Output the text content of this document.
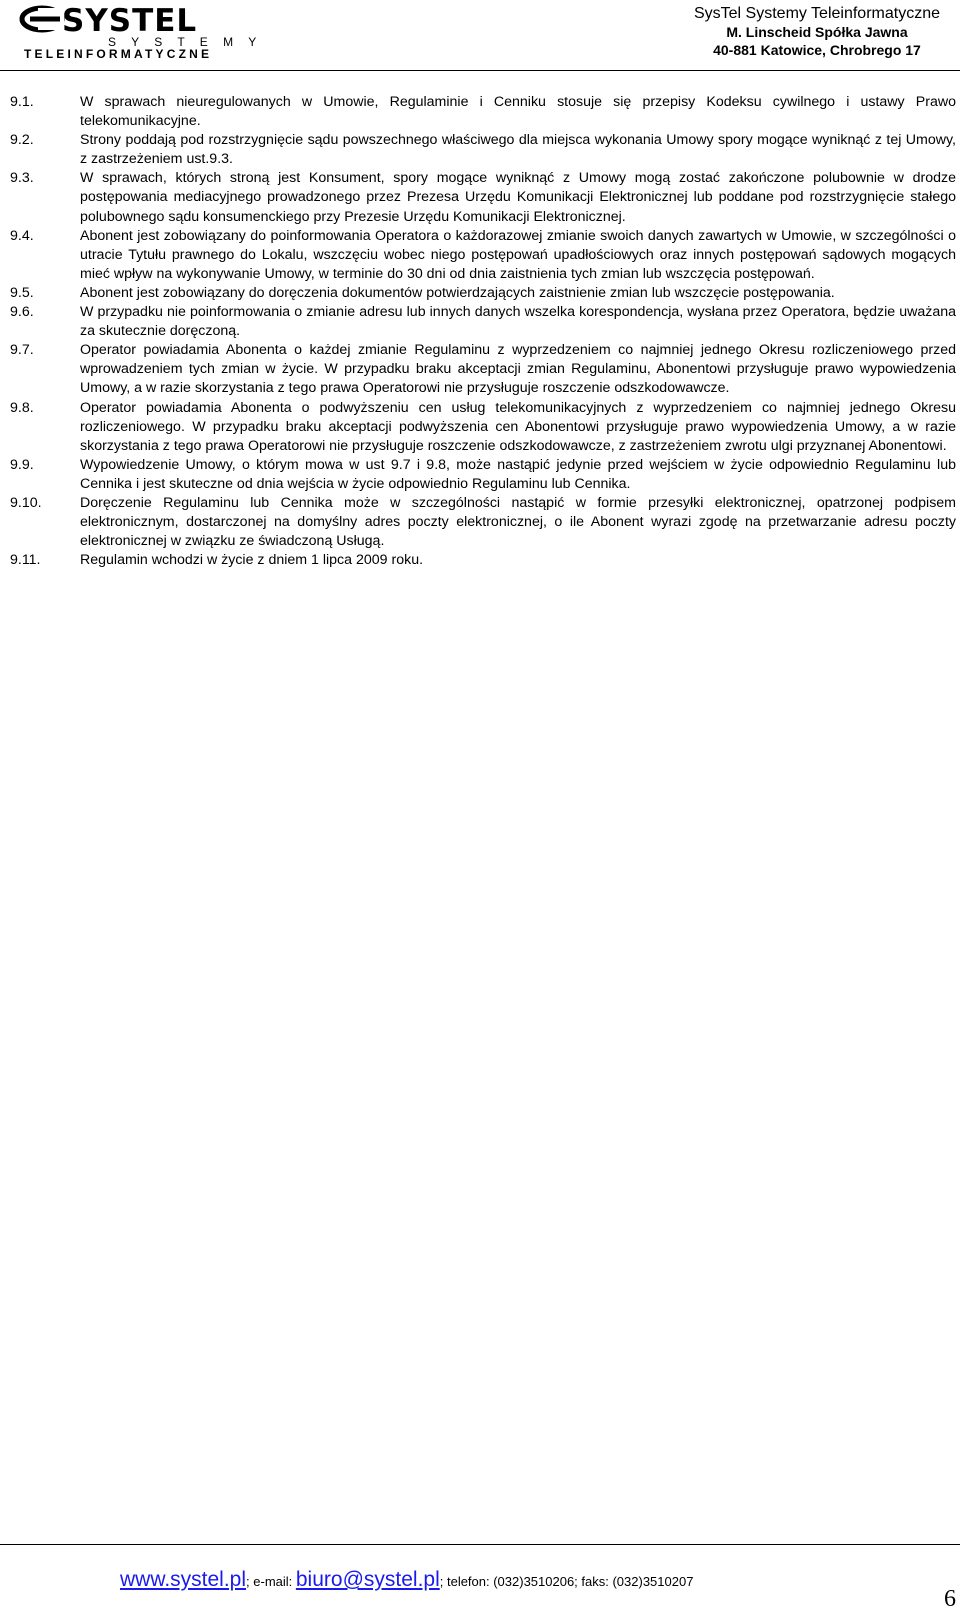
SYSTEL
S Y S T E M Y
TELEINFORMATYCZNE
SysTel Systemy Teleinformatyczne
M. Linscheid Spółka Jawna
40-881 Katowice, Chrobrego 17
9.1.	W sprawach nieuregulowanych w Umowie, Regulaminie i Cenniku stosuje się przepisy Kodeksu cywilnego i ustawy Prawo telekomunikacyjne.
9.2.	Strony poddają pod rozstrzygnięcie sądu powszechnego właściwego dla miejsca wykonania Umowy spory mogące wyniknąć z tej Umowy, z zastrzeżeniem ust.9.3.
9.3.	W sprawach, których stroną jest Konsument, spory mogące wyniknąć z Umowy mogą zostać zakończone polubownie w drodze postępowania mediacyjnego prowadzonego przez Prezesa Urzędu Komunikacji Elektronicznej lub poddane pod rozstrzygnięcie stałego polubownego sądu konsumenckiego przy Prezesie Urzędu Komunikacji Elektronicznej.
9.4.	Abonent jest zobowiązany do poinformowania Operatora o każdorazowej zmianie swoich danych zawartych w Umowie, w szczególności o utracie Tytułu prawnego do Lokalu, wszczęciu wobec niego postępowań upadłościowych oraz innych postępowań sądowych mogących mieć wpływ na wykonywanie Umowy, w terminie do 30 dni od dnia zaistnienia tych zmian lub wszczęcia postępowań.
9.5.	Abonent jest zobowiązany do doręczenia dokumentów potwierdzających zaistnienie zmian lub wszczęcie postępowania.
9.6.	W przypadku nie poinformowania o zmianie adresu lub innych danych wszelka korespondencja, wysłana przez Operatora, będzie uważana za skutecznie doręczoną.
9.7.	Operator powiadamia Abonenta o każdej zmianie Regulaminu z wyprzedzeniem co najmniej jednego Okresu rozliczeniowego przed wprowadzeniem tych zmian w życie. W przypadku braku akceptacji zmian Regulaminu, Abonentowi przysługuje prawo wypowiedzenia Umowy, a w razie skorzystania z tego prawa Operatorowi nie przysługuje roszczenie odszkodowawcze.
9.8.	Operator powiadamia Abonenta o podwyższeniu cen usług telekomunikacyjnych z wyprzedzeniem co najmniej jednego Okresu rozliczeniowego. W przypadku braku akceptacji podwyższenia cen Abonentowi przysługuje prawo wypowiedzenia Umowy, a w razie skorzystania z tego prawa Operatorowi nie przysługuje roszczenie odszkodowawcze, z zastrzeżeniem zwrotu ulgi przyznanej Abonentowi.
9.9.	Wypowiedzenie Umowy, o którym mowa w ust 9.7 i 9.8, może nastąpić jedynie przed wejściem w życie odpowiednio Regulaminu lub Cennika i jest skuteczne od dnia wejścia w życie odpowiednio Regulaminu lub Cennika.
9.10.	Doręczenie Regulaminu lub Cennika może w szczególności nastąpić w formie przesyłki elektronicznej, opatrzonej podpisem elektronicznym, dostarczonej na domyślny adres poczty elektronicznej, o ile Abonent wyrazi zgodę na przetwarzanie adresu poczty elektronicznej w związku ze świadczoną Usługą.
9.11.	Regulamin wchodzi w życie z dniem 1 lipca 2009 roku.
www.systel.pl; e-mail: biuro@systel.pl; telefon: (032)3510206; faks: (032)3510207
6
